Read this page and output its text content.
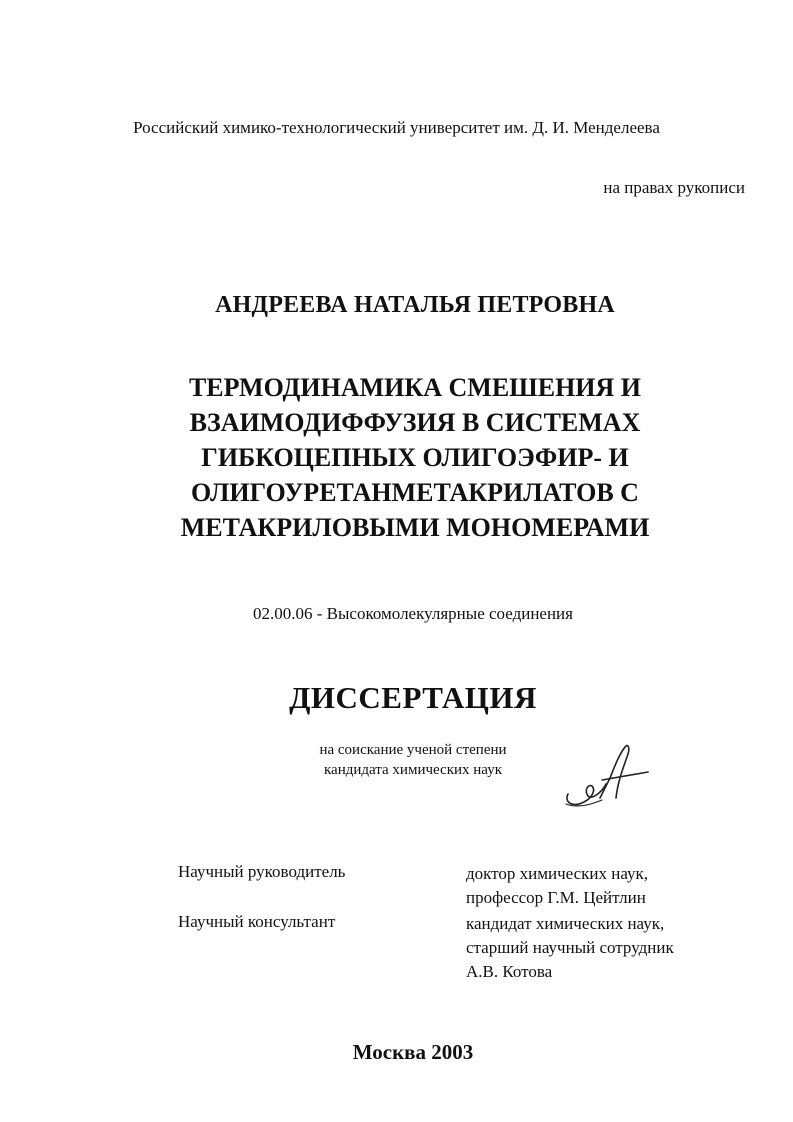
Российский химико-технологический университет им. Д. И. Менделеева
на правах рукописи
АНДРЕЕВА НАТАЛЬЯ ПЕТРОВНА
ТЕРМОДИНАМИКА СМЕШЕНИЯ И
ВЗАИМОДИФФУЗИЯ В СИСТЕМАХ
ГИБКОЦЕПНЫХ ОЛИГОЭФИР- И
ОЛИГОУРЕТАНМЕТАКРИЛАТОВ С
МЕТАКРИЛОВЫМИ МОНОМЕРАМИ
02.00.06 - Высокомолекулярные соединения
ДИССЕРТАЦИЯ
на соискание ученой степени
кандидата химических наук
Научный руководитель	доктор химических наук,
профессор Г.М. Цейтлин
Научный консультант	кандидат химических наук,
старший научный сотрудник
А.В. Котова
Москва 2003
